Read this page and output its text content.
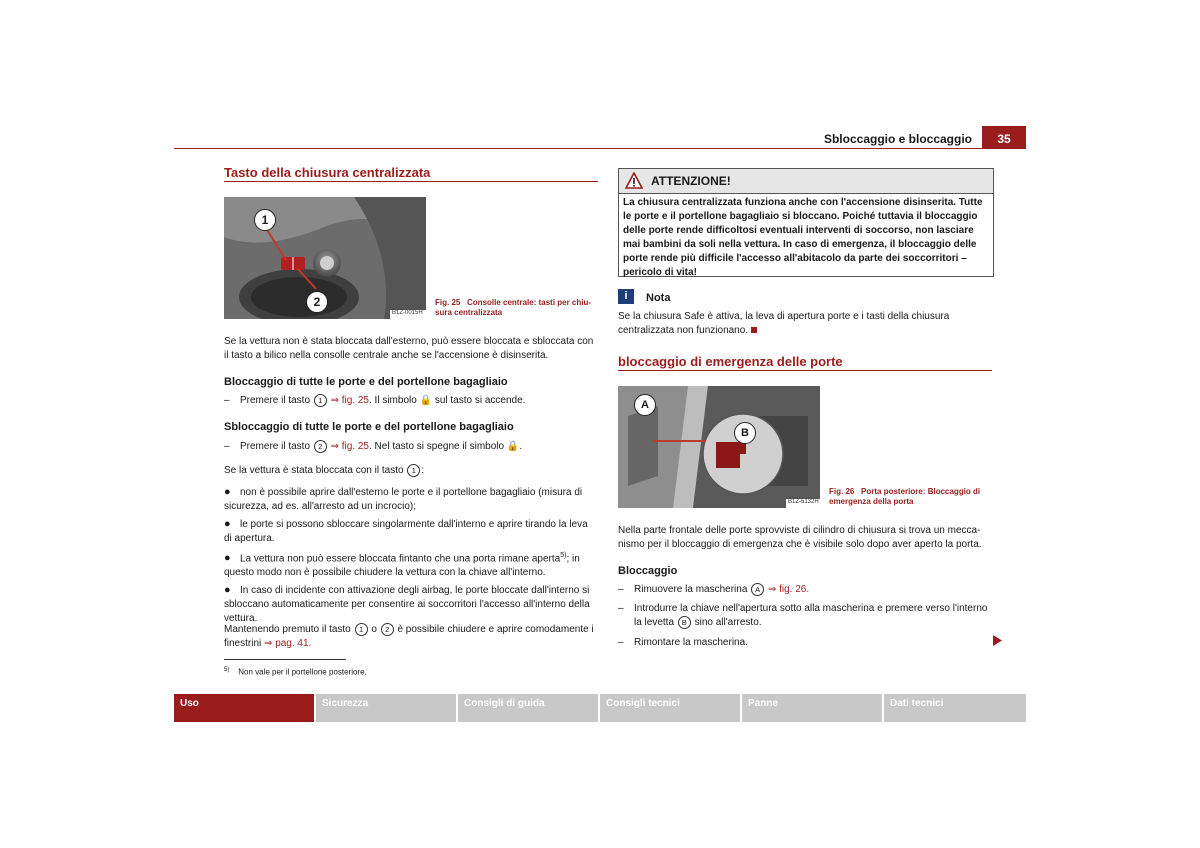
Sbloccaggio e bloccaggio	35
Tasto della chiusura centralizzata
1
2
B1Z-0015H
Fig. 25 Consolle centrale: tasti per chiu-sura centralizzata
Se la vettura non è stata bloccata dall'esterno, può essere bloccata e sbloccata con il tasto a bilico nella consolle centrale anche se l'accensione è disinserita.
Bloccaggio di tutte le porte e del portellone bagagliaio
– Premere il tasto 1 ⇒ fig. 25. Il simbolo 🔒 sul tasto si accende.
Sbloccaggio di tutte le porte e del portellone bagagliaio
– Premere il tasto 2 ⇒ fig. 25. Nel tasto si spegne il simbolo 🔒.
Se la vettura è stata bloccata con il tasto 1 :
● non è possibile aprire dall'esterno le porte e il portellone bagagliaio (misura di sicurezza, ad es. all'arresto ad un incrocio);
● le porte si possono sbloccare singolarmente dall'interno e aprire tirando la leva di apertura.
● La vettura non può essere bloccata fintanto che una porta rimane aperta$^{5)}$; in questo modo non è possibile chiudere la vettura con la chiave all'interno.
● In caso di incidente con attivazione degli airbag, le porte bloccate dall'interno si sbloccano automaticamente per consentire ai soccorritori l'accesso all'interno della vettura.
Mantenendo premuto il tasto 1 o 2 è possibile chiudere e aprire comodamente i finestrini ⇒ pag. 41.
$^{5)}$ Non vale per il portellone posteriore.
ATTENZIONE!
La chiusura centralizzata funziona anche con l'accensione disinserita. Tutte le porte e il portellone bagagliaio si bloccano. Poiché tuttavia il bloccaggio delle porte rende difficoltosi eventuali interventi di soccorso, non lasciare mai bambini da soli nella vettura. In caso di emergenza, il bloccaggio delle porte rende più difficile l'accesso all'abitacolo da parte dei soccorritori – pericolo di vita!
i	Nota
Se la chiusura Safe è attiva, la leva di apertura porte e i tasti della chiusura centralizzata non funzionano.
bloccaggio di emergenza delle porte
A
B
B1Z-5132H
Fig. 26 Porta posteriore: Bloccaggio di emergenza della porta
Nella parte frontale delle porte sprovviste di cilindro di chiusura si trova un mecca-nismo per il bloccaggio di emergenza che è visibile solo dopo aver aperto la porta.
Bloccaggio
– Rimuovere la mascherina A ⇒ fig. 26.
–	Introdurre la chiave nell'apertura sotto alla mascherina e premere verso l'interno la levetta B sino all'arresto.
– Rimontare la mascherina.
Uso	Sicurezza	Consigli di guida	Consigli tecnici	Panne	Dati tecnici
